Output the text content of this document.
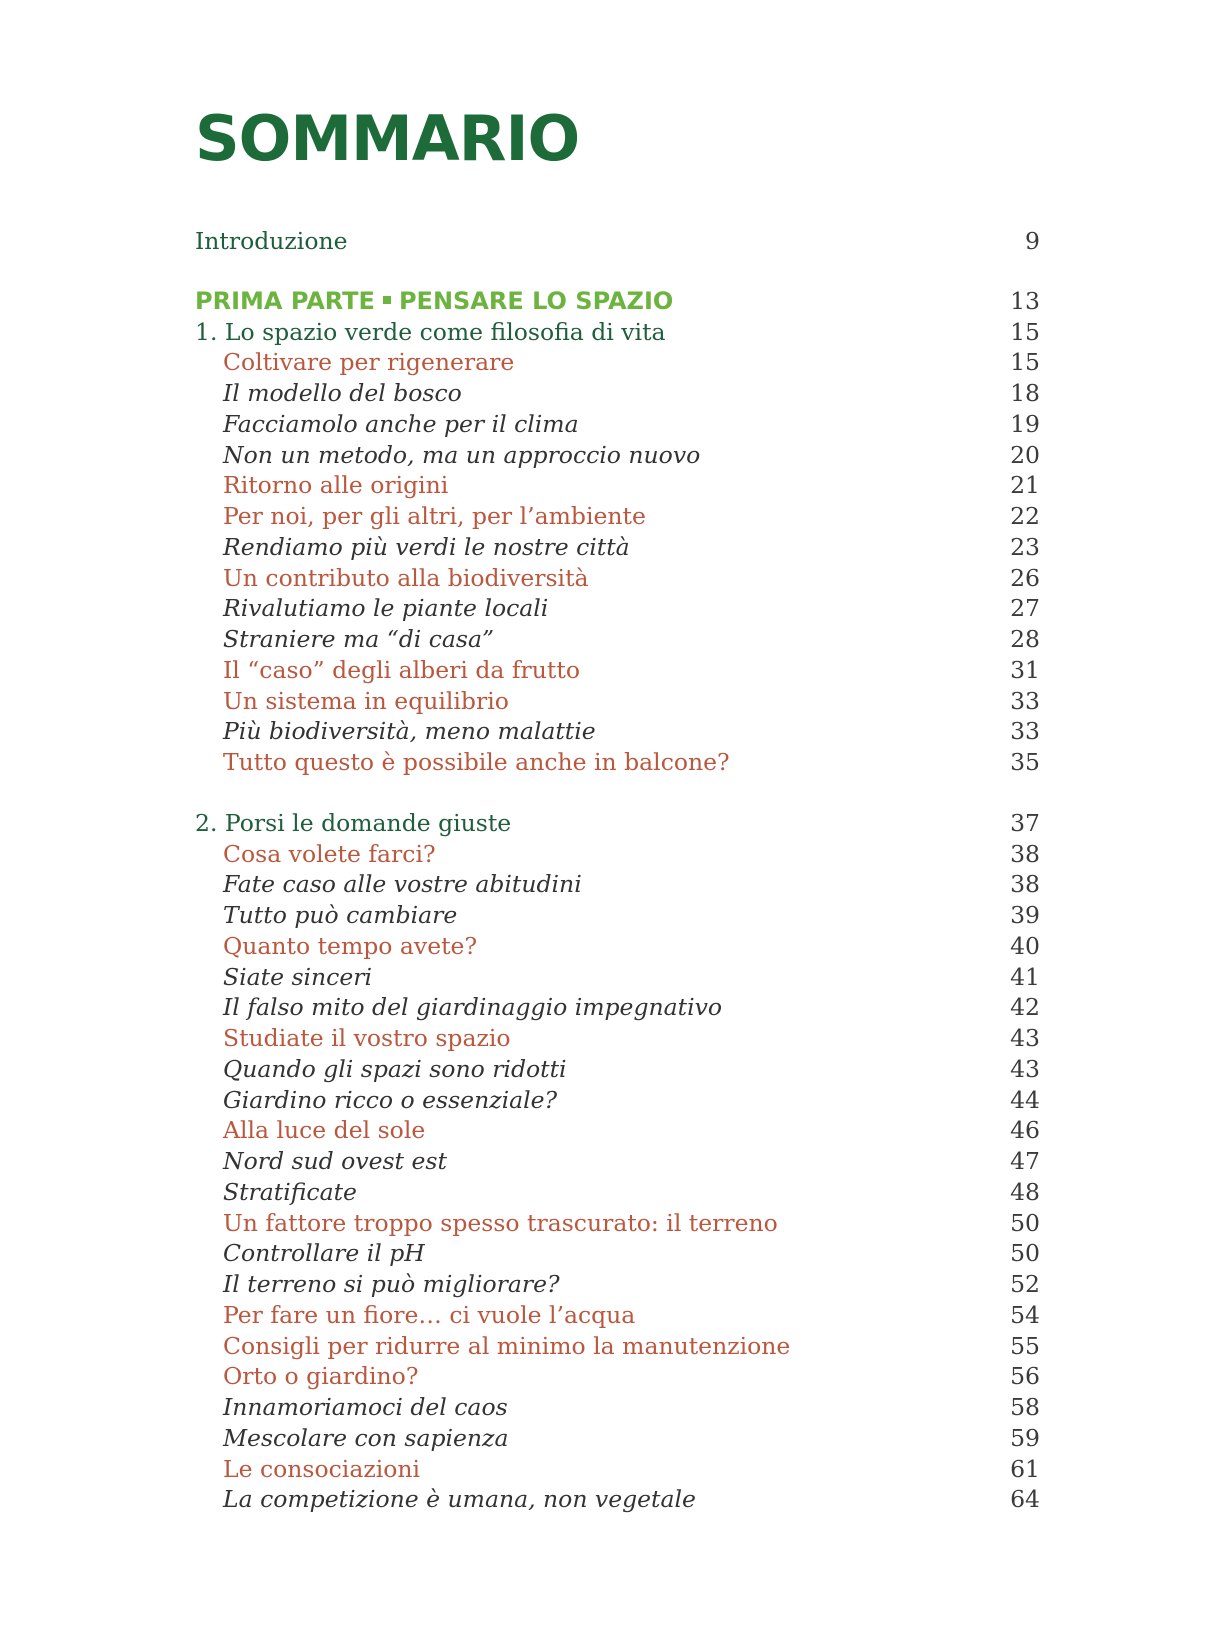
SOMMARIO
Introduzione	9
PRIMA PARTE PENSARE LO SPAZIO	13
1. Lo spazio verde come filosofia di vita	15
Coltivare per rigenerare	15
Il modello del bosco	18
Facciamolo anche per il clima	19
Non un metodo, ma un approccio nuovo	20
Ritorno alle origini	21
Per noi, per gli altri, per l’ambiente	22
Rendiamo più verdi le nostre città	23
Un contributo alla biodiversità	26
Rivalutiamo le piante locali	27
Straniere ma “di casa”	28
Il “caso” degli alberi da frutto	31
Un sistema in equilibrio	33
Più biodiversità, meno malattie	33
Tutto questo è possibile anche in balcone?	35
2. Porsi le domande giuste	37
Cosa volete farci?	38
Fate caso alle vostre abitudini	38
Tutto può cambiare	39
Quanto tempo avete?	40
Siate sinceri	41
Il falso mito del giardinaggio impegnativo	42
Studiate il vostro spazio	43
Quando gli spazi sono ridotti	43
Giardino ricco o essenziale?	44
Alla luce del sole	46
Nord sud ovest est	47
Stratificate	48
Un fattore troppo spesso trascurato: il terreno	50
Controllare il pH	50
Il terreno si può migliorare?	52
Per fare un fiore… ci vuole l’acqua	54
Consigli per ridurre al minimo la manutenzione	55
Orto o giardino?	56
Innamoriamoci del caos	58
Mescolare con sapienza	59
Le consociazioni	61
La competizione è umana, non vegetale	64
